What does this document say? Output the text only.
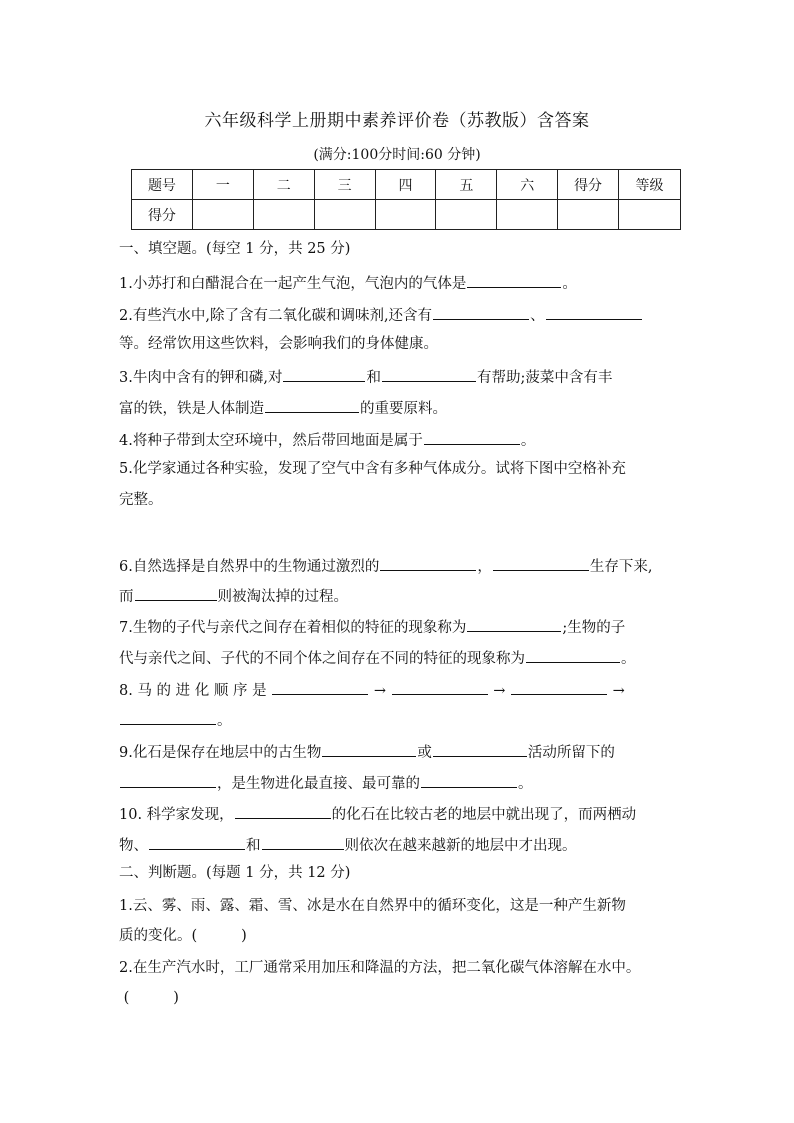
六年级科学上册期中素养评价卷（苏教版）含答案
(满分:100分时间:60 分钟)
题号	一	二	三	四	五	六	得分	等级
得分								
一、填空题。(每空 1 分，共 25 分)
1.小苏打和白醋混合在一起产生气泡，气泡内的气体是	。
2.有些汽水中,除了含有二氧化碳和调味剂,还含有	、
等。经常饮用这些饮料，会影响我们的身体健康。
3.牛肉中含有的钾和磷,对	和	有帮助;菠菜中含有丰
富的铁，铁是人体制造	的重要原料。
4.将种子带到太空环境中，然后带回地面是属于	。
5.化学家通过各种实验，发现了空气中含有多种气体成分。试将下图中空格补充
完整。
6.自然选择是自然界中的生物通过激烈的	，	生存下来,
而	则被淘汰掉的过程。
7.生物的子代与亲代之间存在着相似的特征的现象称为	;生物的子
代与亲代之间、子代的不同个体之间存在不同的特征的现象称为	。
8. 马 的 进 化 顺 序 是	→	→	→
。
9.化石是保存在地层中的古生物	或	活动所留下的
，是生物进化最直接、最可靠的	。
10. 科学家发现，	的化石在比较古老的地层中就出现了，而两栖动
物、	和	则依次在越来越新的地层中才出现。
二、判断题。(每题 1 分，共 12 分)
1.云、雾、雨、露、霜、雪、冰是水在自然界中的循环变化，这是一种产生新物
质的变化。(	)
2.在生产汽水时，工厂通常采用加压和降温的方法，把二氧化碳气体溶解在水中。
(	)
